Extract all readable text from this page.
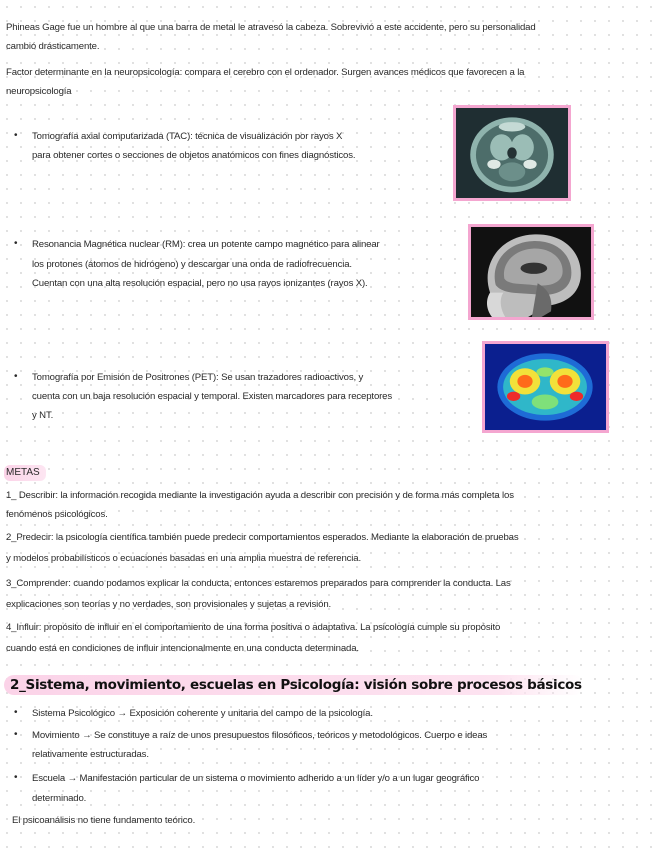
Phineas Gage fue un hombre al que una barra de metal le atravesó la cabeza. Sobrevivió a este accidente, pero su personalidad
cambió drásticamente.
Factor determinante en la neuropsicología: compara el cerebro con el ordenador. Surgen avances médicos que favorecen a la
neuropsicología
• Tomografía axial computarizada (TAC): técnica de visualización por rayos X
para obtener cortes o secciones de objetos anatómicos con fines diagnósticos.
• Resonancia Magnética nuclear (RM): crea un potente campo magnético para alinear
los protones (átomos de hidrógeno) y descargar una onda de radiofrecuencia.
Cuentan con una alta resolución espacial, pero no usa rayos ionizantes (rayos X).
• Tomografía por Emisión de Positrones (PET): Se usan trazadores radioactivos, y
cuenta con un baja resolución espacial y temporal. Existen marcadores para receptores
y NT.
METAS
1_ Describir: la información recogida mediante la investigación ayuda a describir con precisión y de forma más completa los
fenómenos psicológicos.
2_Predecir: la psicología científica también puede predecir comportamientos esperados. Mediante la elaboración de pruebas
y modelos probabilísticos o ecuaciones basadas en una amplia muestra de referencia.
3_Comprender: cuando podamos explicar la conducta, entonces estaremos preparados para comprender la conducta. Las
explicaciones son teorías y no verdades, son provisionales y sujetas a revisión.
4_Influir: propósito de influir en el comportamiento de una forma positiva o adaptativa. La psicología cumple su propósito
cuando está en condiciones de influir intencionalmente en una conducta determinada.
2_Sistema, movimiento, escuelas en Psicología: visión sobre procesos básicos
• Sistema Psicológico → Exposición coherente y unitaria del campo de la psicología.
• Movimiento → Se constituye a raíz de unos presupuestos filosóficos, teóricos y metodológicos. Cuerpo e ideas
relativamente estructuradas.
• Escuela → Manifestación particular de un sistema o movimiento adherido a un líder y/o a un lugar geográfico
determinado.
El psicoanálisis no tiene fundamento teórico.
